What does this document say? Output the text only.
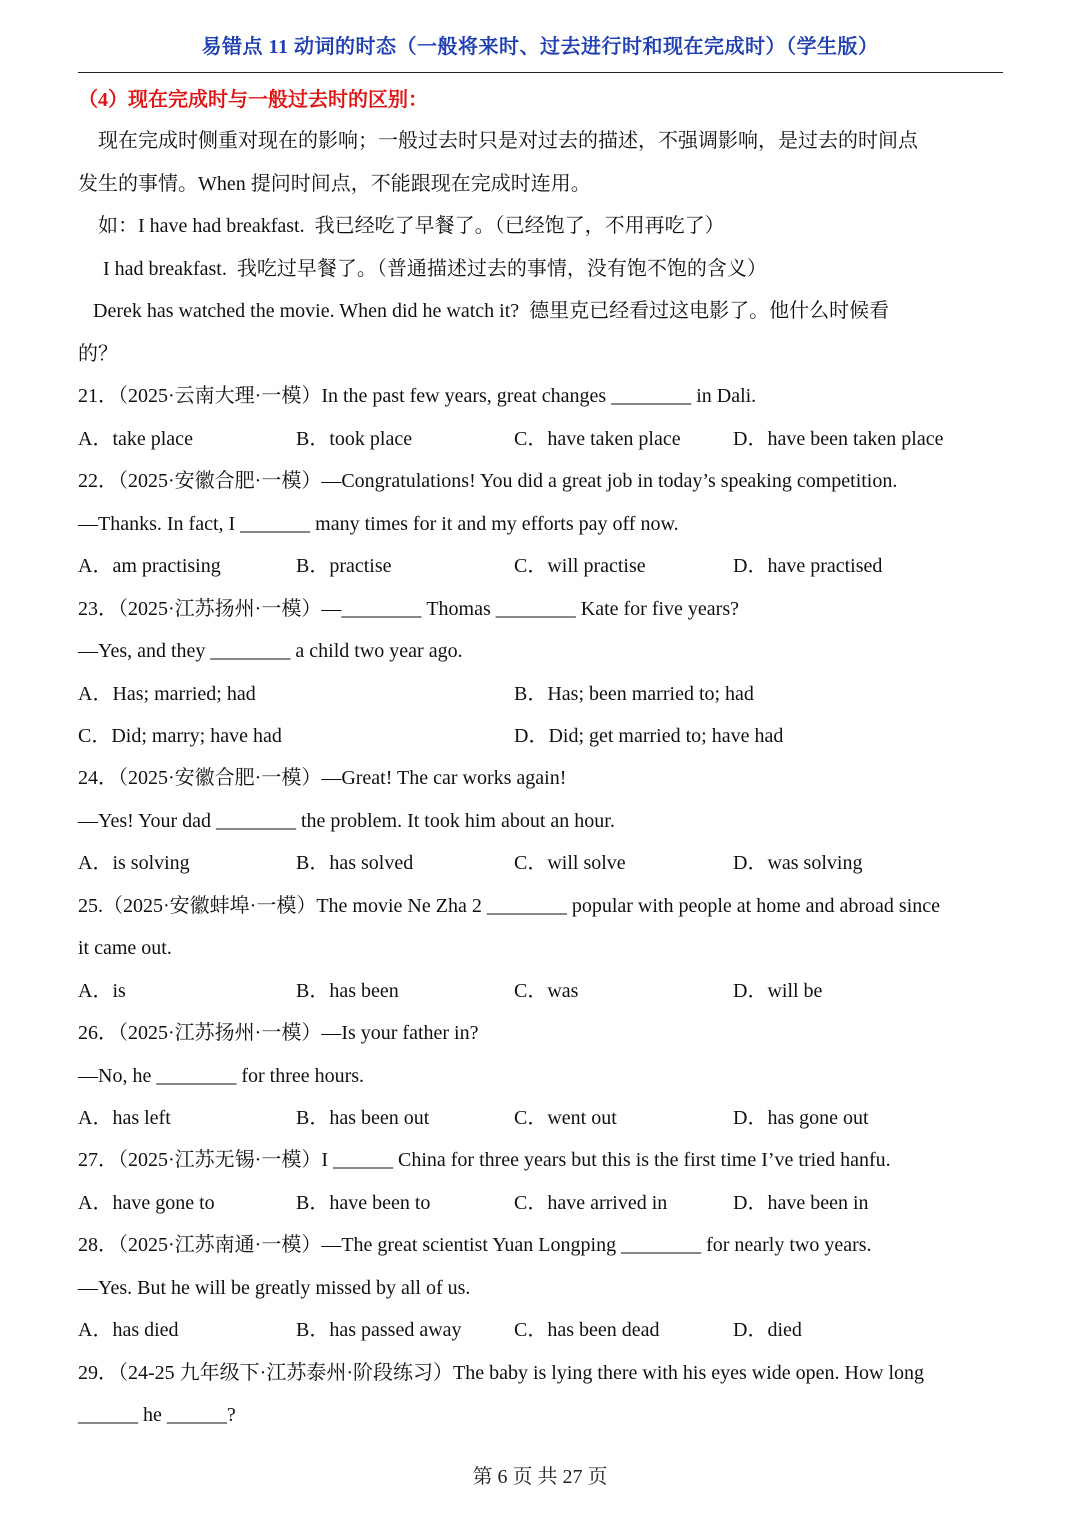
易错点 11 动词的时态（一般将来时、过去进行时和现在完成时）（学生版）
（4）现在完成时与一般过去时的区别：
现在完成时侧重对现在的影响；一般过去时只是对过去的描述，不强调影响，是过去的时间点
发生的事情。When 提问时间点，不能跟现在完成时连用。
如：I have had breakfast.  我已经吃了早餐了。（已经饱了，不用再吃了）
I had breakfast.  我吃过早餐了。（普通描述过去的事情，没有饱不饱的含义）
Derek has watched the movie. When did he watch it?  德里克已经看过这电影了。他什么时候看
的？
21．（2025·云南大理·一模）In the past few years, great changes ________ in Dali.
A．take place	B．took place	C．have taken place	D．have been taken place
22．（2025·安徽合肥·一模）—Congratulations! You did a great job in today’s speaking competition.
—Thanks. In fact, I _______ many times for it and my efforts pay off now.
A．am practising	B．practise	C．will practise	D．have practised
23．（2025·江苏扬州·一模）—________ Thomas ________ Kate for five years?
—Yes, and they ________ a child two year ago.
A．Has; married; had	B．Has; been married to; had
C．Did; marry; have had	D．Did; get married to; have had
24．（2025·安徽合肥·一模）—Great! The car works again!
—Yes! Your dad ________ the problem. It took him about an hour.
A．is solving	B．has solved	C．will solve	D．was solving
25.（2025·安徽蚌埠·一模）The movie Ne Zha 2 ________ popular with people at home and abroad since
it came out.
A．is	B．has been	C．was	D．will be
26．（2025·江苏扬州·一模）—Is your father in?
—No, he ________ for three hours.
A．has left	B．has been out	C．went out	D．has gone out
27．（2025·江苏无锡·一模）I ______ China for three years but this is the first time I’ve tried hanfu.
A．have gone to	B．have been to	C．have arrived in	D．have been in
28．（2025·江苏南通·一模）—The great scientist Yuan Longping ________ for nearly two years.
—Yes. But he will be greatly missed by all of us.
A．has died	B．has passed away	C．has been dead	D．died
29．（24-25 九年级下·江苏泰州·阶段练习）The baby is lying there with his eyes wide open. How long
______ he ______?
第 6 页 共 27 页
